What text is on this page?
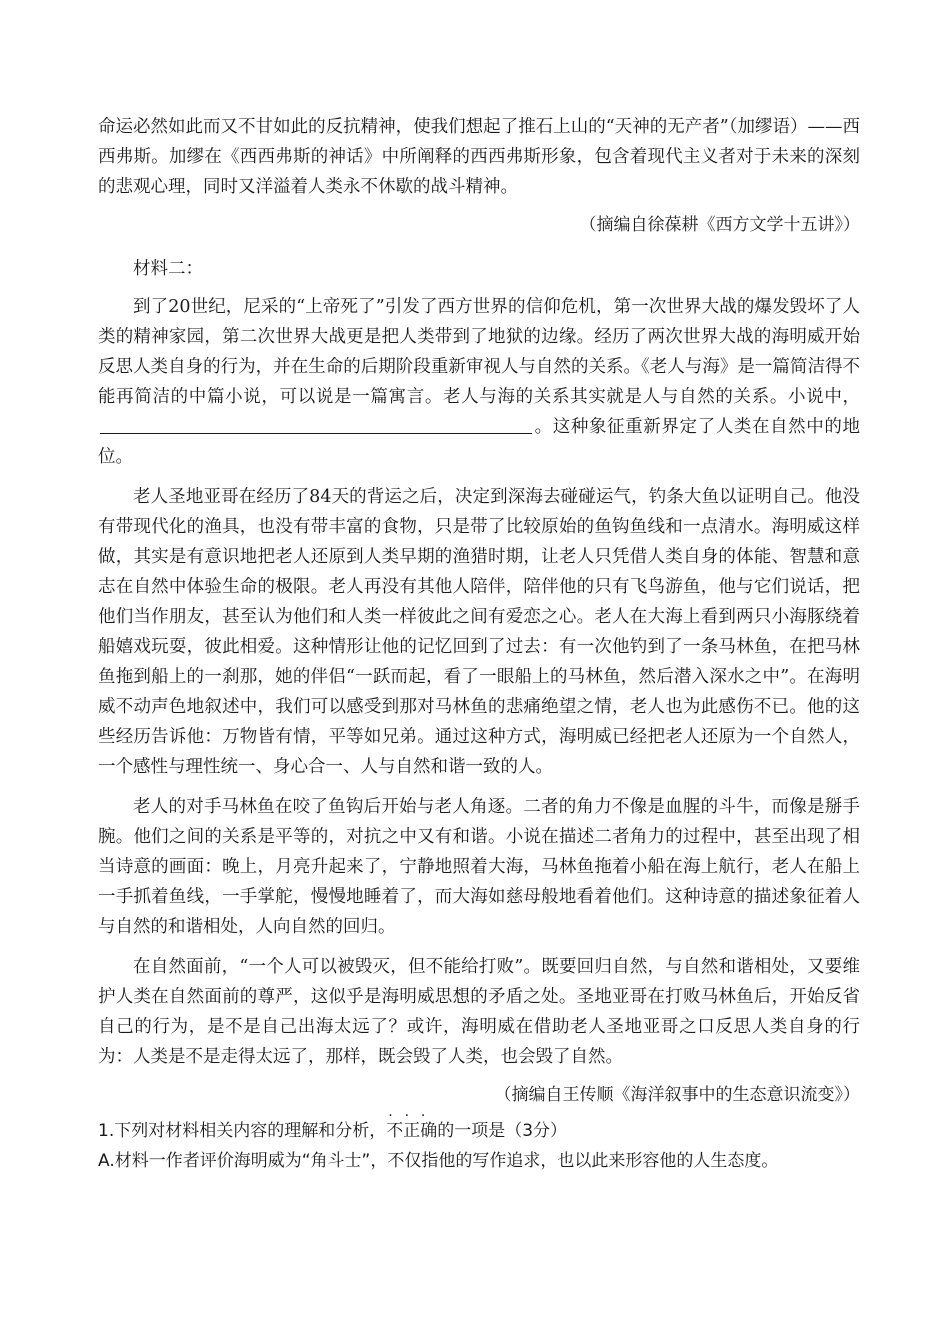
命运必然如此而又不甘如此的反抗精神，使我们想起了推石上山的“天神的无产者”（加缪语）——西西弗斯。加缪在《西西弗斯的神话》中所阐释的西西弗斯形象，包含着现代主义者对于未来的深刻的悲观心理，同时又洋溢着人类永不休歇的战斗精神。

（摘编自徐葆耕《西方文学十五讲》）

材料二：

到了20世纪，尼采的“上帝死了”引发了西方世界的信仰危机，第一次世界大战的爆发毁坏了人类的精神家园，第二次世界大战更是把人类带到了地狱的边缘。经历了两次世界大战的海明威开始反思人类自身的行为，并在生命的后期阶段重新审视人与自然的关系。《老人与海》是一篇简洁得不能再简洁的中篇小说，可以说是一篇寓言。老人与海的关系其实就是人与自然的关系。小说中，。这种象征重新界定了人类在自然中的地位。

老人圣地亚哥在经历了84天的背运之后，决定到深海去碰碰运气，钓条大鱼以证明自己。他没有带现代化的渔具，也没有带丰富的食物，只是带了比较原始的鱼钩鱼线和一点清水。海明威这样做，其实是有意识地把老人还原到人类早期的渔猎时期，让老人只凭借人类自身的体能、智慧和意志在自然中体验生命的极限。老人再没有其他人陪伴，陪伴他的只有飞鸟游鱼，他与它们说话，把他们当作朋友，甚至认为他们和人类一样彼此之间有爱恋之心。老人在大海上看到两只小海豚绕着船嬉戏玩耍，彼此相爱。这种情形让他的记忆回到了过去：有一次他钓到了一条马林鱼，在把马林鱼拖到船上的一刹那，她的伴侣“一跃而起，看了一眼船上的马林鱼，然后潜入深水之中”。在海明威不动声色地叙述中，我们可以感受到那对马林鱼的悲痛绝望之情，老人也为此感伤不已。他的这些经历告诉他：万物皆有情，平等如兄弟。通过这种方式，海明威已经把老人还原为一个自然人，一个感性与理性统一、身心合一、人与自然和谐一致的人。

老人的对手马林鱼在咬了鱼钩后开始与老人角逐。二者的角力不像是血腥的斗牛，而像是掰手腕。他们之间的关系是平等的，对抗之中又有和谐。小说在描述二者角力的过程中，甚至出现了相当诗意的画面：晚上，月亮升起来了，宁静地照着大海，马林鱼拖着小船在海上航行，老人在船上一手抓着鱼线，一手掌舵，慢慢地睡着了，而大海如慈母般地看着他们。这种诗意的描述象征着人与自然的和谐相处，人向自然的回归。

在自然面前，“一个人可以被毁灭，但不能给打败”。既要回归自然，与自然和谐相处，又要维护人类在自然面前的尊严，这似乎是海明威思想的矛盾之处。圣地亚哥在打败马林鱼后，开始反省自己的行为，是不是自己出海太远了？或许，海明威在借助老人圣地亚哥之口反思人类自身的行为：人类是不是走得太远了，那样，既会毁了人类，也会毁了自然。

（摘编自王传顺《海洋叙事中的生态意识流变》）

1.下列对材料相关内容的理解和分析，· · · 不正确的一项是（3分）

A.材料一作者评价海明威为“角斗士”，不仅指他的写作追求，也以此来形容他的人生态度。
